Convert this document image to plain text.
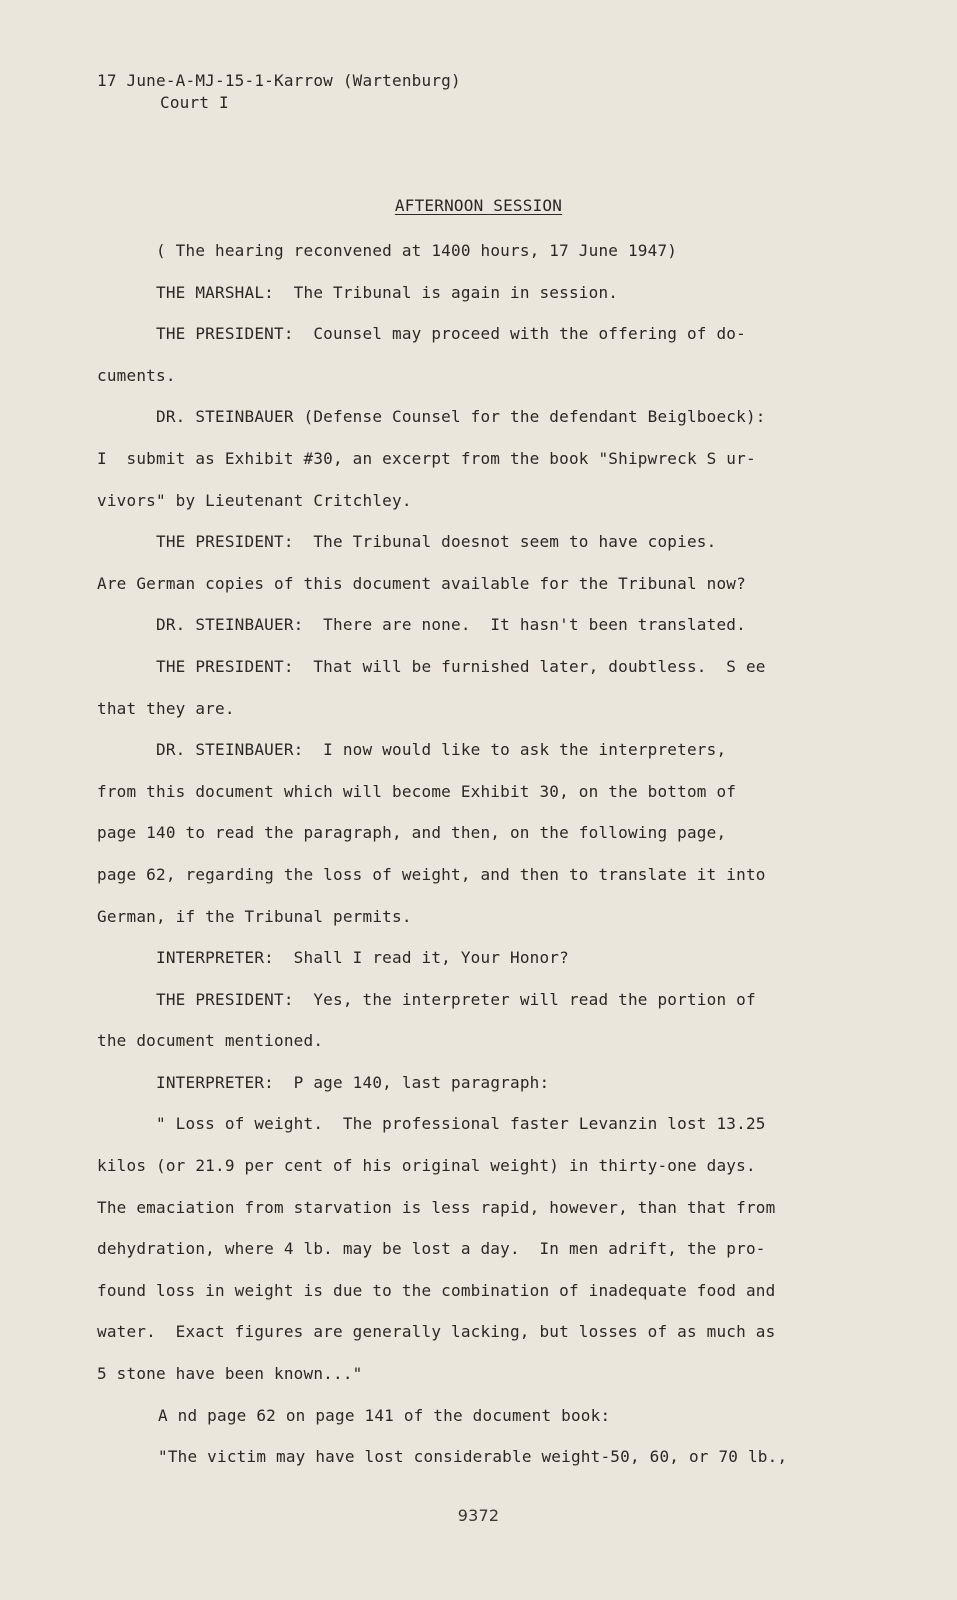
17 June-A-MJ-15-1-Karrow (Wartenburg)
Court I
AFTERNOON SESSION
( The hearing reconvened at 1400 hours, 17 June 1947)
THE MARSHAL:  The Tribunal is again in session.
THE PRESIDENT:  Counsel may proceed with the offering of do-
cuments.
DR. STEINBAUER (Defense Counsel for the defendant Beiglboeck):
I  submit as Exhibit #30, an excerpt from the book "Shipwreck S ur-
vivors" by Lieutenant Critchley.
THE PRESIDENT:  The Tribunal doesnot seem to have copies.
Are German copies of this document available for the Tribunal now?
DR. STEINBAUER:  There are none.  It hasn't been translated.
THE PRESIDENT:  That will be furnished later, doubtless.  S ee
that they are.
DR. STEINBAUER:  I now would like to ask the interpreters,
from this document which will become Exhibit 30, on the bottom of
page 140 to read the paragraph, and then, on the following page,
page 62, regarding the loss of weight, and then to translate it into
German, if the Tribunal permits.
INTERPRETER:  Shall I read it, Your Honor?
THE PRESIDENT:  Yes, the interpreter will read the portion of
the document mentioned.
INTERPRETER:  P age 140, last paragraph:
" Loss of weight.  The professional faster Levanzin lost 13.25
kilos (or 21.9 per cent of his original weight) in thirty-one days.
The emaciation from starvation is less rapid, however, than that from
dehydration, where 4 lb. may be lost a day.  In men adrift, the pro-
found loss in weight is due to the combination of inadequate food and
water.  Exact figures are generally lacking, but losses of as much as
5 stone have been known..."
A nd page 62 on page 141 of the document book:
"The victim may have lost considerable weight-50, 60, or 70 lb.,
9372
